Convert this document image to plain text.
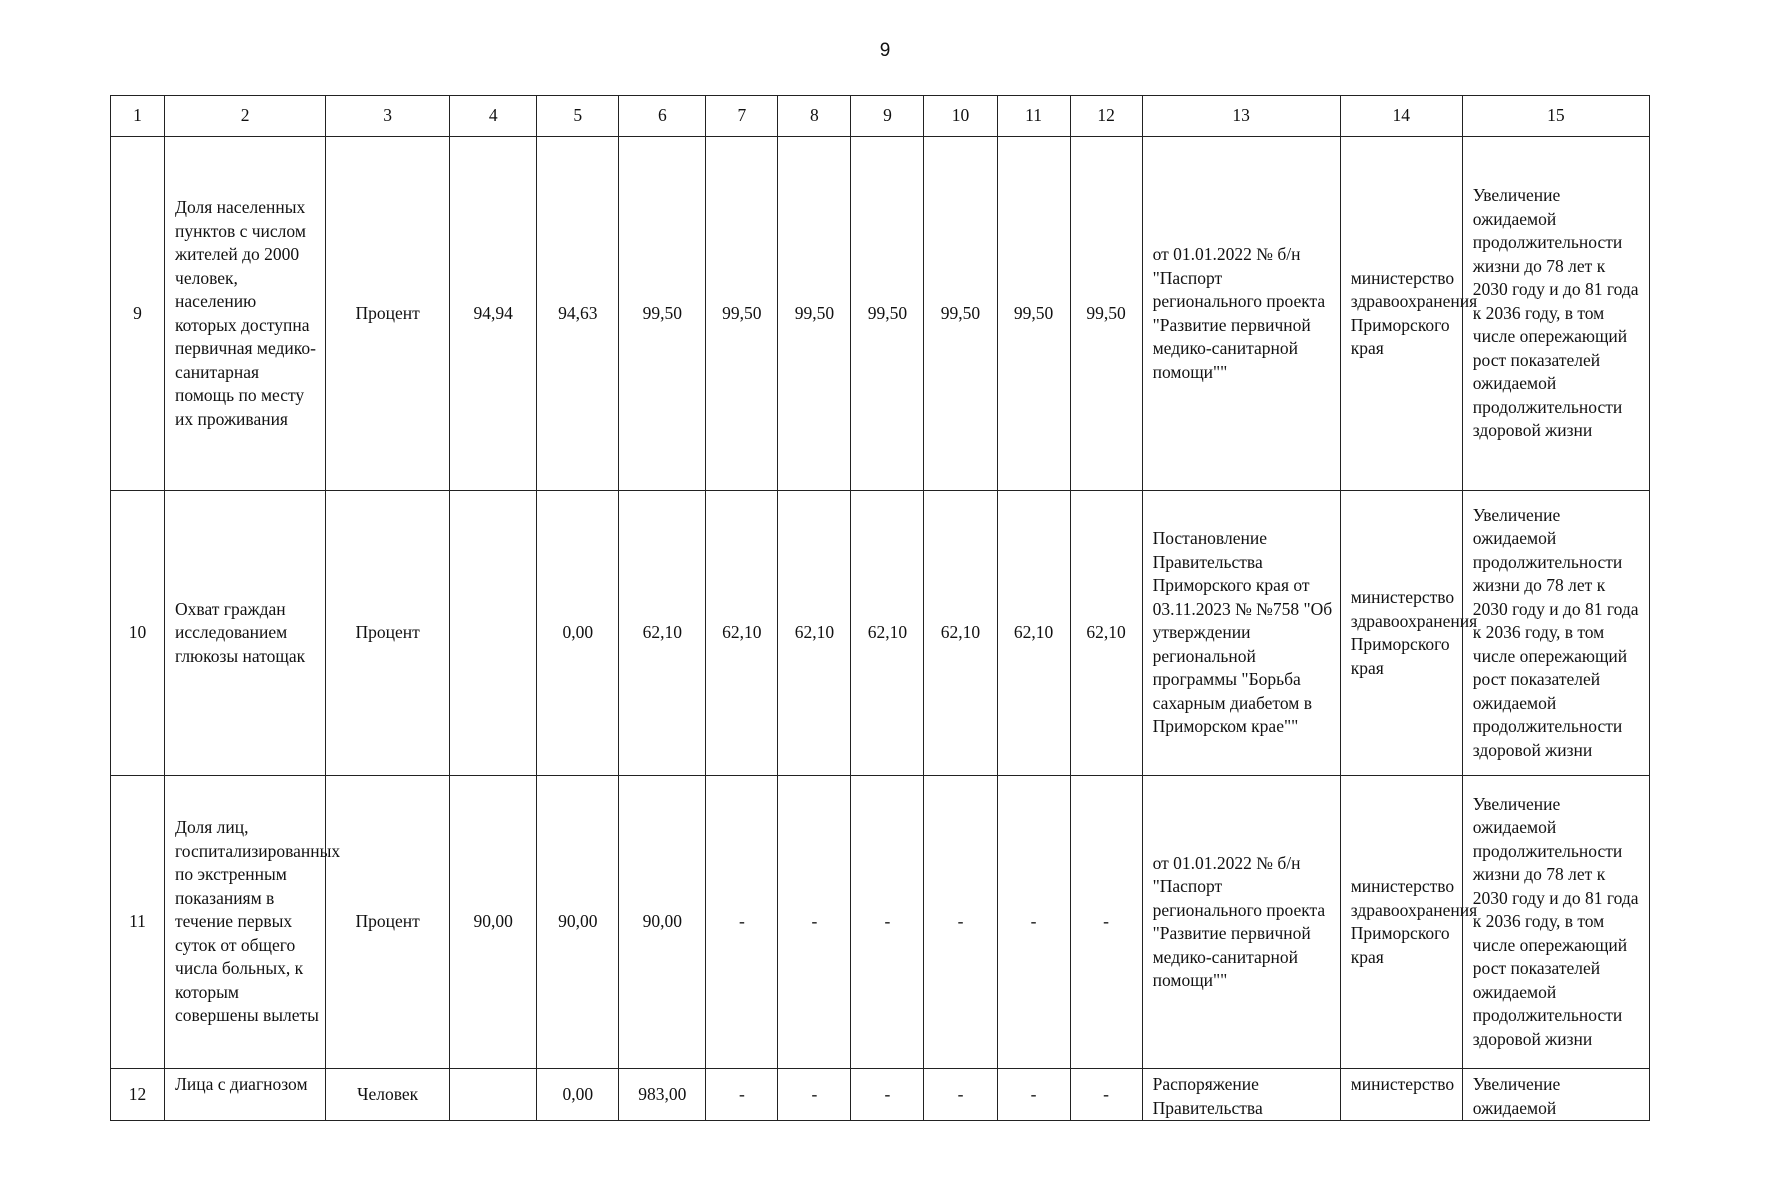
9
1	2	3	4	5	6	7	8	9	10	11	12	13	14	15
9	Доля населенных пунктов с числом жителей до 2000 человек, населению которых доступна первичная медико-санитарная помощь по месту их проживания	Процент	94,94	94,63	99,50	99,50	99,50	99,50	99,50	99,50	99,50	от 01.01.2022 № б/н "Паспорт регионального проекта "Развитие первичной медико-санитарной помощи""	министерство здравоохранения Приморского края	Увеличение ожидаемой продолжительности жизни до 78 лет к 2030 году и до 81 года к 2036 году, в том числе опережающий рост показателей ожидаемой продолжительности здоровой жизни
10	Охват граждан исследованием глюкозы натощак	Процент		0,00	62,10	62,10	62,10	62,10	62,10	62,10	62,10	Постановление Правительства Приморского края от 03.11.2023 № №758 "Об утверждении региональной программы "Борьба сахарным диабетом в Приморском крае""	министерство здравоохранения Приморского края	Увеличение ожидаемой продолжительности жизни до 78 лет к 2030 году и до 81 года к 2036 году, в том числе опережающий рост показателей ожидаемой продолжительности здоровой жизни
11	Доля лиц, госпитализированных по экстренным показаниям в течение первых суток от общего числа больных, к которым совершены вылеты	Процент	90,00	90,00	90,00	-	-	-	-	-	-	от 01.01.2022 № б/н "Паспорт регионального проекта "Развитие первичной медико-санитарной помощи""	министерство здравоохранения Приморского края	Увеличение ожидаемой продолжительности жизни до 78 лет к 2030 году и до 81 года к 2036 году, в том числе опережающий рост показателей ожидаемой продолжительности здоровой жизни
12	Лица с диагнозом	Человек		0,00	983,00	-	-	-	-	-	-	Распоряжение Правительства	министерство	Увеличение ожидаемой
